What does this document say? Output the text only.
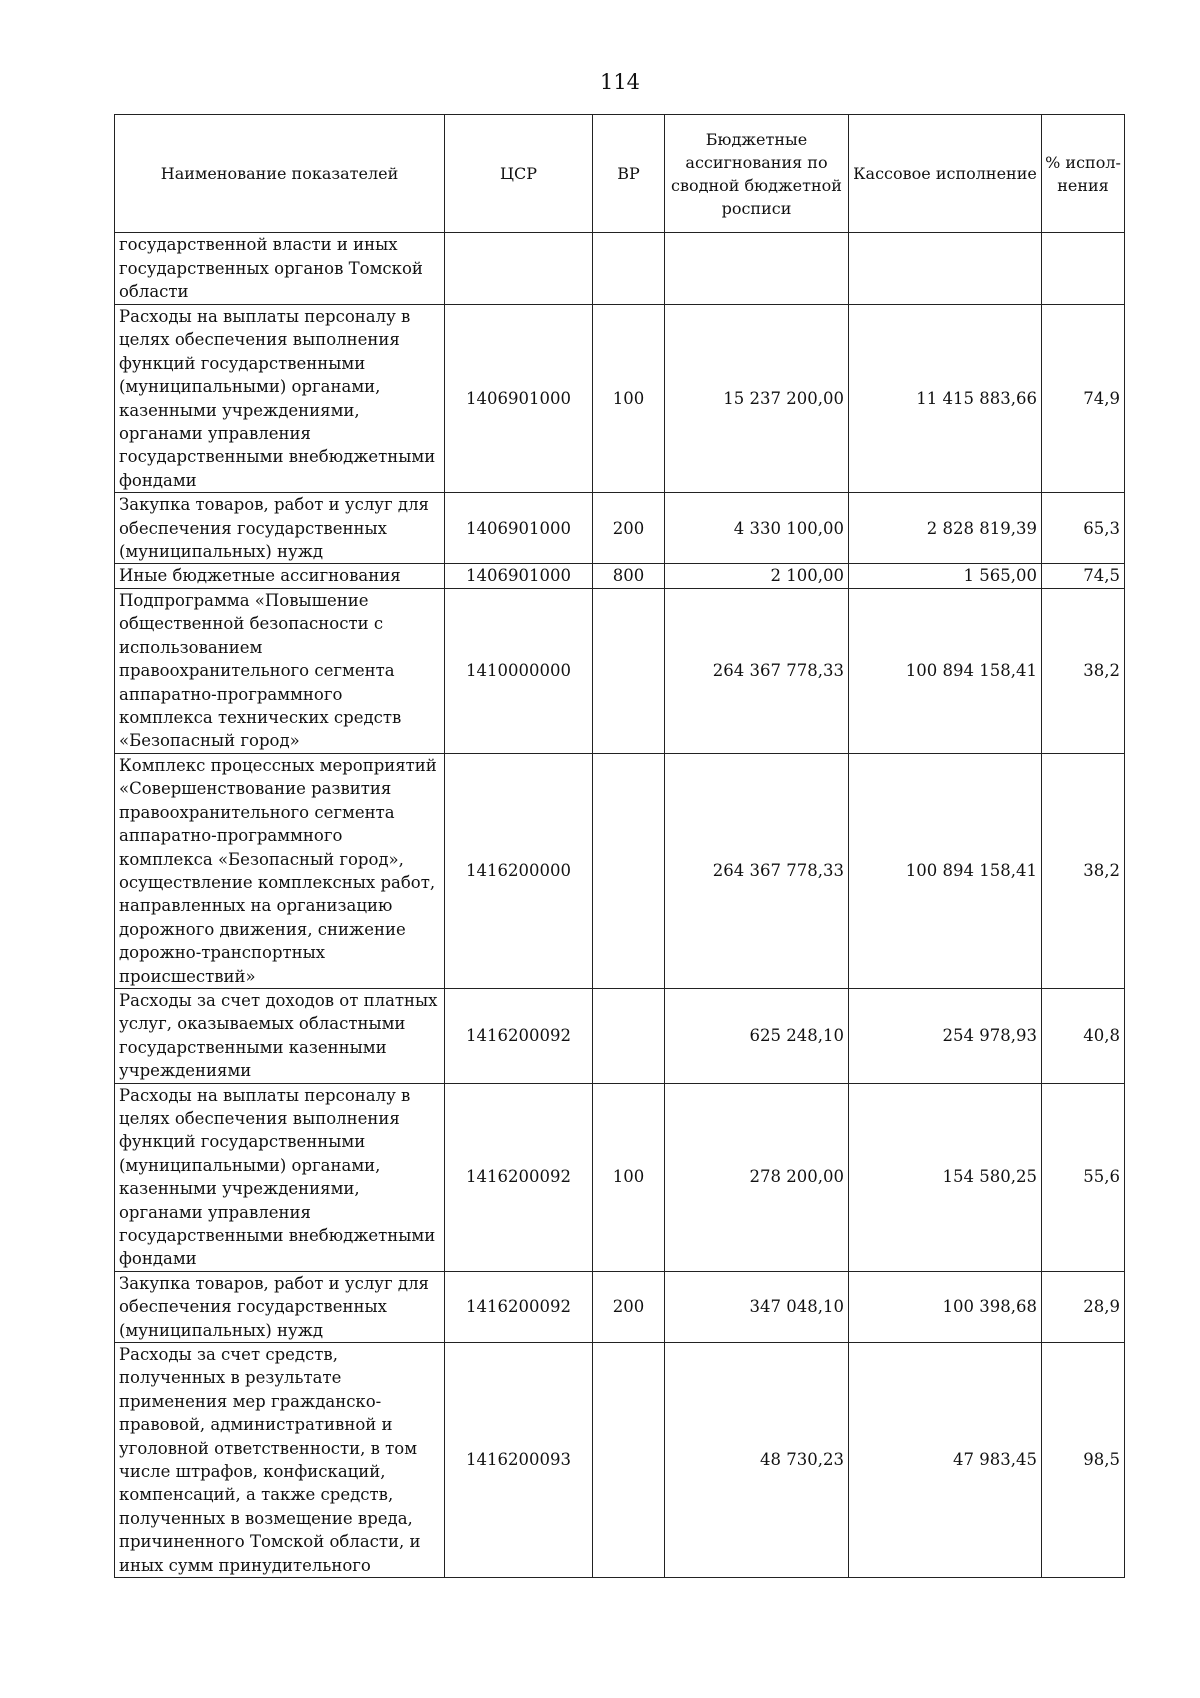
114
Наименование показателей	ЦСР	ВР	Бюджетные ассигнования по сводной бюджетной росписи	Кассовое исполнение	% испол-нения
государственной власти и иных государственных органов Томской области					
Расходы на выплаты персоналу в целях обеспечения выполнения функций государственными (муниципальными) органами, казенными учреждениями, органами управления государственными внебюджетными фондами	1406901000	100	15 237 200,00	11 415 883,66	74,9
Закупка товаров, работ и услуг для обеспечения государственных (муниципальных) нужд	1406901000	200	4 330 100,00	2 828 819,39	65,3
Иные бюджетные ассигнования	1406901000	800	2 100,00	1 565,00	74,5
Подпрограмма «Повышение общественной безопасности с использованием правоохранительного сегмента аппаратно-программного комплекса технических средств «Безопасный город»	1410000000		264 367 778,33	100 894 158,41	38,2
Комплекс процессных мероприятий «Совершенствование развития правоохранительного сегмента аппаратно-программного комплекса «Безопасный город», осуществление комплексных работ, направленных на организацию дорожного движения, снижение дорожно-транспортных происшествий»	1416200000		264 367 778,33	100 894 158,41	38,2
Расходы за счет доходов от платных услуг, оказываемых областными государственными казенными учреждениями	1416200092		625 248,10	254 978,93	40,8
Расходы на выплаты персоналу в целях обеспечения выполнения функций государственными (муниципальными) органами, казенными учреждениями, органами управления государственными внебюджетными фондами	1416200092	100	278 200,00	154 580,25	55,6
Закупка товаров, работ и услуг для обеспечения государственных (муниципальных) нужд	1416200092	200	347 048,10	100 398,68	28,9
Расходы за счет средств, полученных в результате применения мер гражданско-правовой, административной и уголовной ответственности, в том числе штрафов, конфискаций, компенсаций, а также средств, полученных в возмещение вреда, причиненного Томской области, и иных сумм принудительного	1416200093		48 730,23	47 983,45	98,5
